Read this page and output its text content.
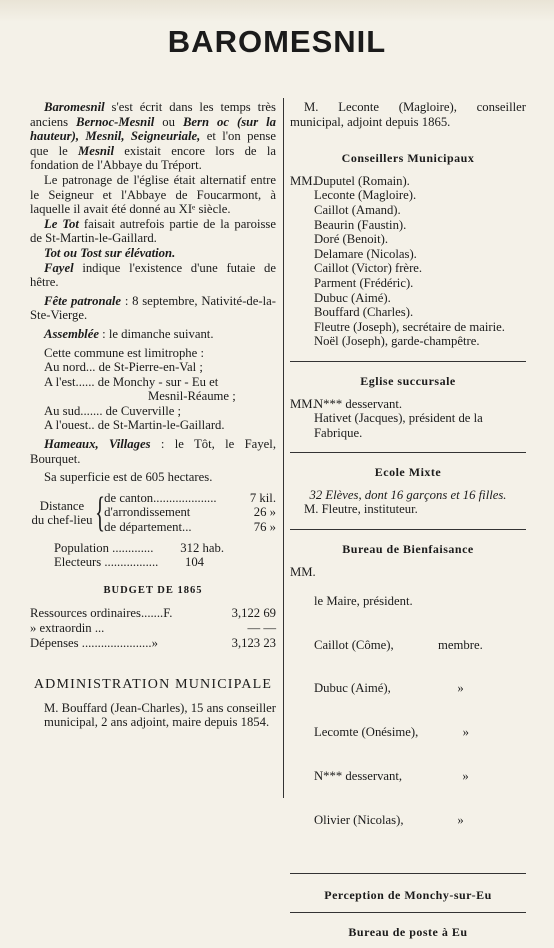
BAROMESNIL

Baromesnil s'est écrit dans les temps très anciens Bernoc-Mesnil ou Bern oc (sur la hauteur), Mesnil, Seigneuriale, et l'on pense que le Mesnil existait encore lors de la fondation de l'Abbaye du Tréport.

Le patronage de l'église était alternatif entre le Seigneur et l'Abbaye de Foucarmont, à laquelle il avait été donné au XIᵉ siècle.

Le Tot faisait autrefois partie de la paroisse de St-Martin-le-Gaillard.

Tot ou Tost sur élévation.

Fayel indique l'existence d'une futaie de hêtre.

Fête patronale : 8 septembre, Nativité-de-la-Ste-Vierge.

Assemblée : le dimanche suivant.

Cette commune est limitrophe :

Au nord... de St-Pierre-en-Val ;

A l'est...... de Monchy - sur - Eu et

Mesnil-Réaume ;

Au sud....... de Cuverville ;

A l'ouest.. de St-Martin-le-Gaillard.

Hameaux, Villages : le Tôt, le Fayel, Bourquet.

Sa superficie est de 605 hectares.

Distance
du chef-lieu { de canton....................	7 kil.
d'arrondissement	26 »
de département...	76 »
Population .............	312 hab.
Electeurs .................	104
BUDGET DE 1865
Ressources ordinaires.......F.	3,122 69
» extraordin ...	— —
Dépenses ......................»	3,123 23
ADMINISTRATION MUNICIPALE

M. Bouffard (Jean-Charles), 15 ans conseiller municipal, 2 ans adjoint, maire depuis 1854.

M. Leconte (Magloire), conseiller municipal, adjoint depuis 1865.

Conseillers Municipaux
MM.
Duputel (Romain).
Leconte (Magloire).
Caillot (Amand).
Beaurin (Faustin).
Doré (Benoit).
Delamare (Nicolas).
Caillot (Victor) frère.
Parment (Frédéric).
Dubuc (Aimé).
Bouffard (Charles).
Fleutre (Joseph), secrétaire de mairie.
Noël (Joseph), garde-champêtre.
Eglise succursale
MM.
N*** desservant.
Hativet (Jacques), président de la Fabrique.
Ecole Mixte

32 Elèves, dont 16 garçons et 16 filles.

M. Fleutre, instituteur.

Bureau de Bienfaisance
MM.

le Maire, président.

Caillot (Côme),              membre.

Dubuc (Aimé),                     »

Lecomte (Onésime),              »

N*** desservant,                   »

Olivier (Nicolas),                 »

Perception de Monchy-sur-Eu
Bureau de poste à Eu
